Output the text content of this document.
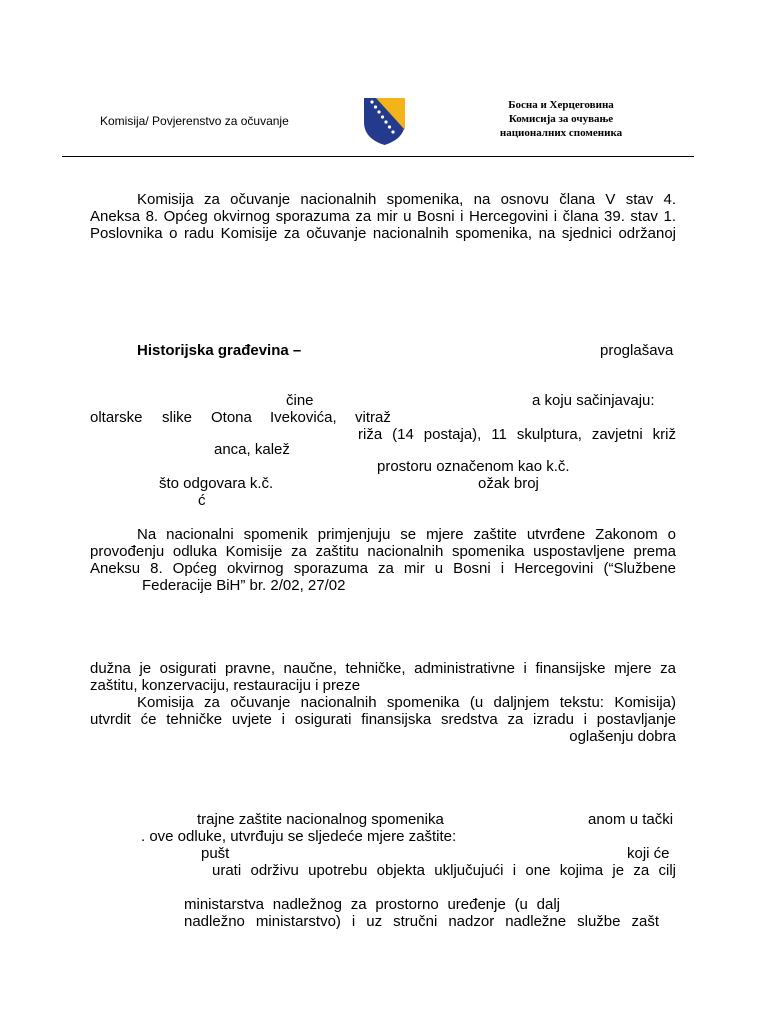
Komisija/ Povjerenstvo za očuvanje
Босна и Херцеговина
Комисија за очување
националних споменика
Komisija za očuvanje nacionalnih spomenika, na osnovu člana V stav 4.
Aneksa 8. Općeg okvirnog sporazuma za mir u Bosni i Hercegovini i člana 39. stav 1.
Poslovnika o radu Komisije za očuvanje nacionalnih spomenika, na sjednici održanoj
Historijska građevina –	proglašava
čine	a koju sačinjavaju:
oltarske slike Otona Ivekovića, vitraž
riža (14 postaja), 11 skulptura, zavjetni križ
anca, kalež
prostoru označenom kao k.č.
što odgovara k.č.	ožak broj
ć
Na nacionalni spomenik primjenjuju se mjere zaštite utvrđene Zakonom o
provođenju odluka Komisije za zaštitu nacionalnih spomenika uspostavljene prema
Aneksu 8. Općeg okvirnog sporazuma za mir u Bosni i Hercegovini (“Službene
Federacije BiH” br. 2/02, 27/02
dužna je osigurati pravne, naučne, tehničke, administrativne i finansijske mjere za
zaštitu, konzervaciju, restauraciju i preze
Komisija za očuvanje nacionalnih spomenika (u daljnjem tekstu: Komisija)
utvrdit će tehničke uvjete i osigurati finansijska sredstva za izradu i postavljanje
oglašenju dobra
trajne zaštite nacionalnog spomenika	anom u tački
. ove odluke, utvrđuju se sljedeće mjere zaštite:
pušt	koji će
urati održivu upotrebu objekta uključujući i one kojima je za cilj
ministarstva nadležnog za prostorno uređenje (u dalj
nadležno ministarstvo) i uz stručni nadzor nadležne službe zašt
